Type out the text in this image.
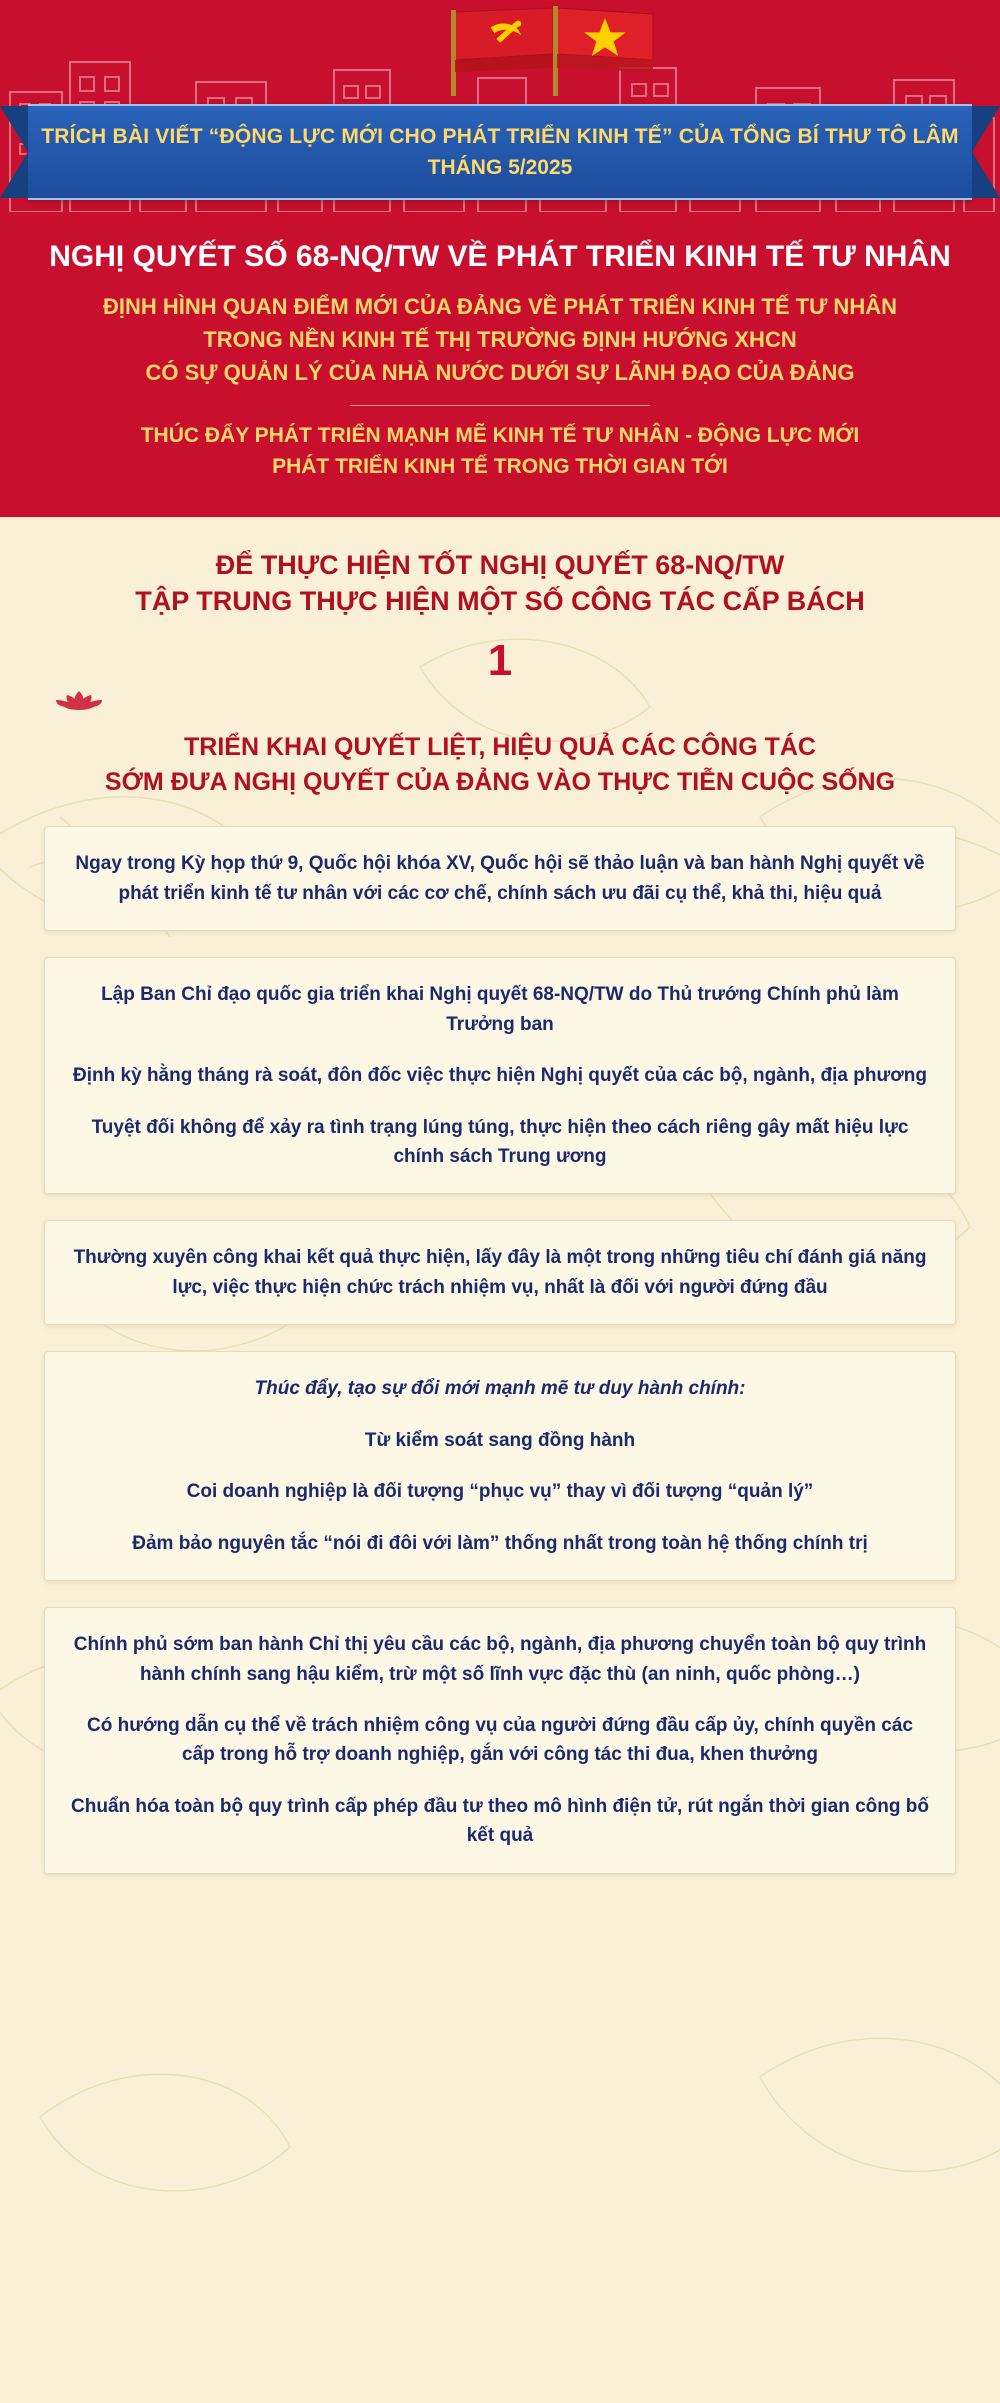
TRÍCH BÀI VIẾT “ĐỘNG LỰC MỚI CHO PHÁT TRIỂN KINH TẾ” CỦA TỔNG BÍ THƯ TÔ LÂM
THÁNG 5/2025
NGHỊ QUYẾT SỐ 68-NQ/TW VỀ PHÁT TRIỂN KINH TẾ TƯ NHÂN
ĐỊNH HÌNH QUAN ĐIỂM MỚI CỦA ĐẢNG VỀ PHÁT TRIỂN KINH TẾ TƯ NHÂN
TRONG NỀN KINH TẾ THỊ TRƯỜNG ĐỊNH HƯỚNG XHCN
CÓ SỰ QUẢN LÝ CỦA NHÀ NƯỚC DƯỚI SỰ LÃNH ĐẠO CỦA ĐẢNG
THÚC ĐẨY PHÁT TRIỂN MẠNH MẼ KINH TẾ TƯ NHÂN - ĐỘNG LỰC MỚI
PHÁT TRIỂN KINH TẾ TRONG THỜI GIAN TỚI
ĐỂ THỰC HIỆN TỐT NGHỊ QUYẾT 68-NQ/TW
TẬP TRUNG THỰC HIỆN MỘT SỐ CÔNG TÁC CẤP BÁCH
1
TRIỂN KHAI QUYẾT LIỆT, HIỆU QUẢ CÁC CÔNG TÁC
SỚM ĐƯA NGHỊ QUYẾT CỦA ĐẢNG VÀO THỰC TIỄN CUỘC SỐNG

Ngay trong Kỳ họp thứ 9, Quốc hội khóa XV, Quốc hội sẽ thảo luận và ban hành Nghị quyết về phát triển kinh tế tư nhân với các cơ chế, chính sách ưu đãi cụ thể, khả thi, hiệu quả

Lập Ban Chỉ đạo quốc gia triển khai Nghị quyết 68-NQ/TW do Thủ trướng Chính phủ làm Trưởng ban

Định kỳ hằng tháng rà soát, đôn đốc việc thực hiện Nghị quyết của các bộ, ngành, địa phương

Tuyệt đối không để xảy ra tình trạng lúng túng, thực hiện theo cách riêng gây mất hiệu lực chính sách Trung ương

Thường xuyên công khai kết quả thực hiện, lấy đây là một trong những tiêu chí đánh giá năng lực, việc thực hiện chức trách nhiệm vụ, nhất là đối với người đứng đầu

Thúc đẩy, tạo sự đổi mới mạnh mẽ tư duy hành chính:

Từ kiểm soát sang đồng hành

Coi doanh nghiệp là đối tượng “phục vụ” thay vì đối tượng “quản lý”

Đảm bảo nguyên tắc “nói đi đôi với làm” thống nhất trong toàn hệ thống chính trị

Chính phủ sớm ban hành Chỉ thị yêu cầu các bộ, ngành, địa phương chuyển toàn bộ quy trình hành chính sang hậu kiểm, trừ một số lĩnh vực đặc thù (an ninh, quốc phòng…)

Có hướng dẫn cụ thể về trách nhiệm công vụ của người đứng đầu cấp ủy, chính quyền các cấp trong hỗ trợ doanh nghiệp, gắn với công tác thi đua, khen thưởng

Chuẩn hóa toàn bộ quy trình cấp phép đầu tư theo mô hình điện tử, rút ngắn thời gian công bố kết quả
